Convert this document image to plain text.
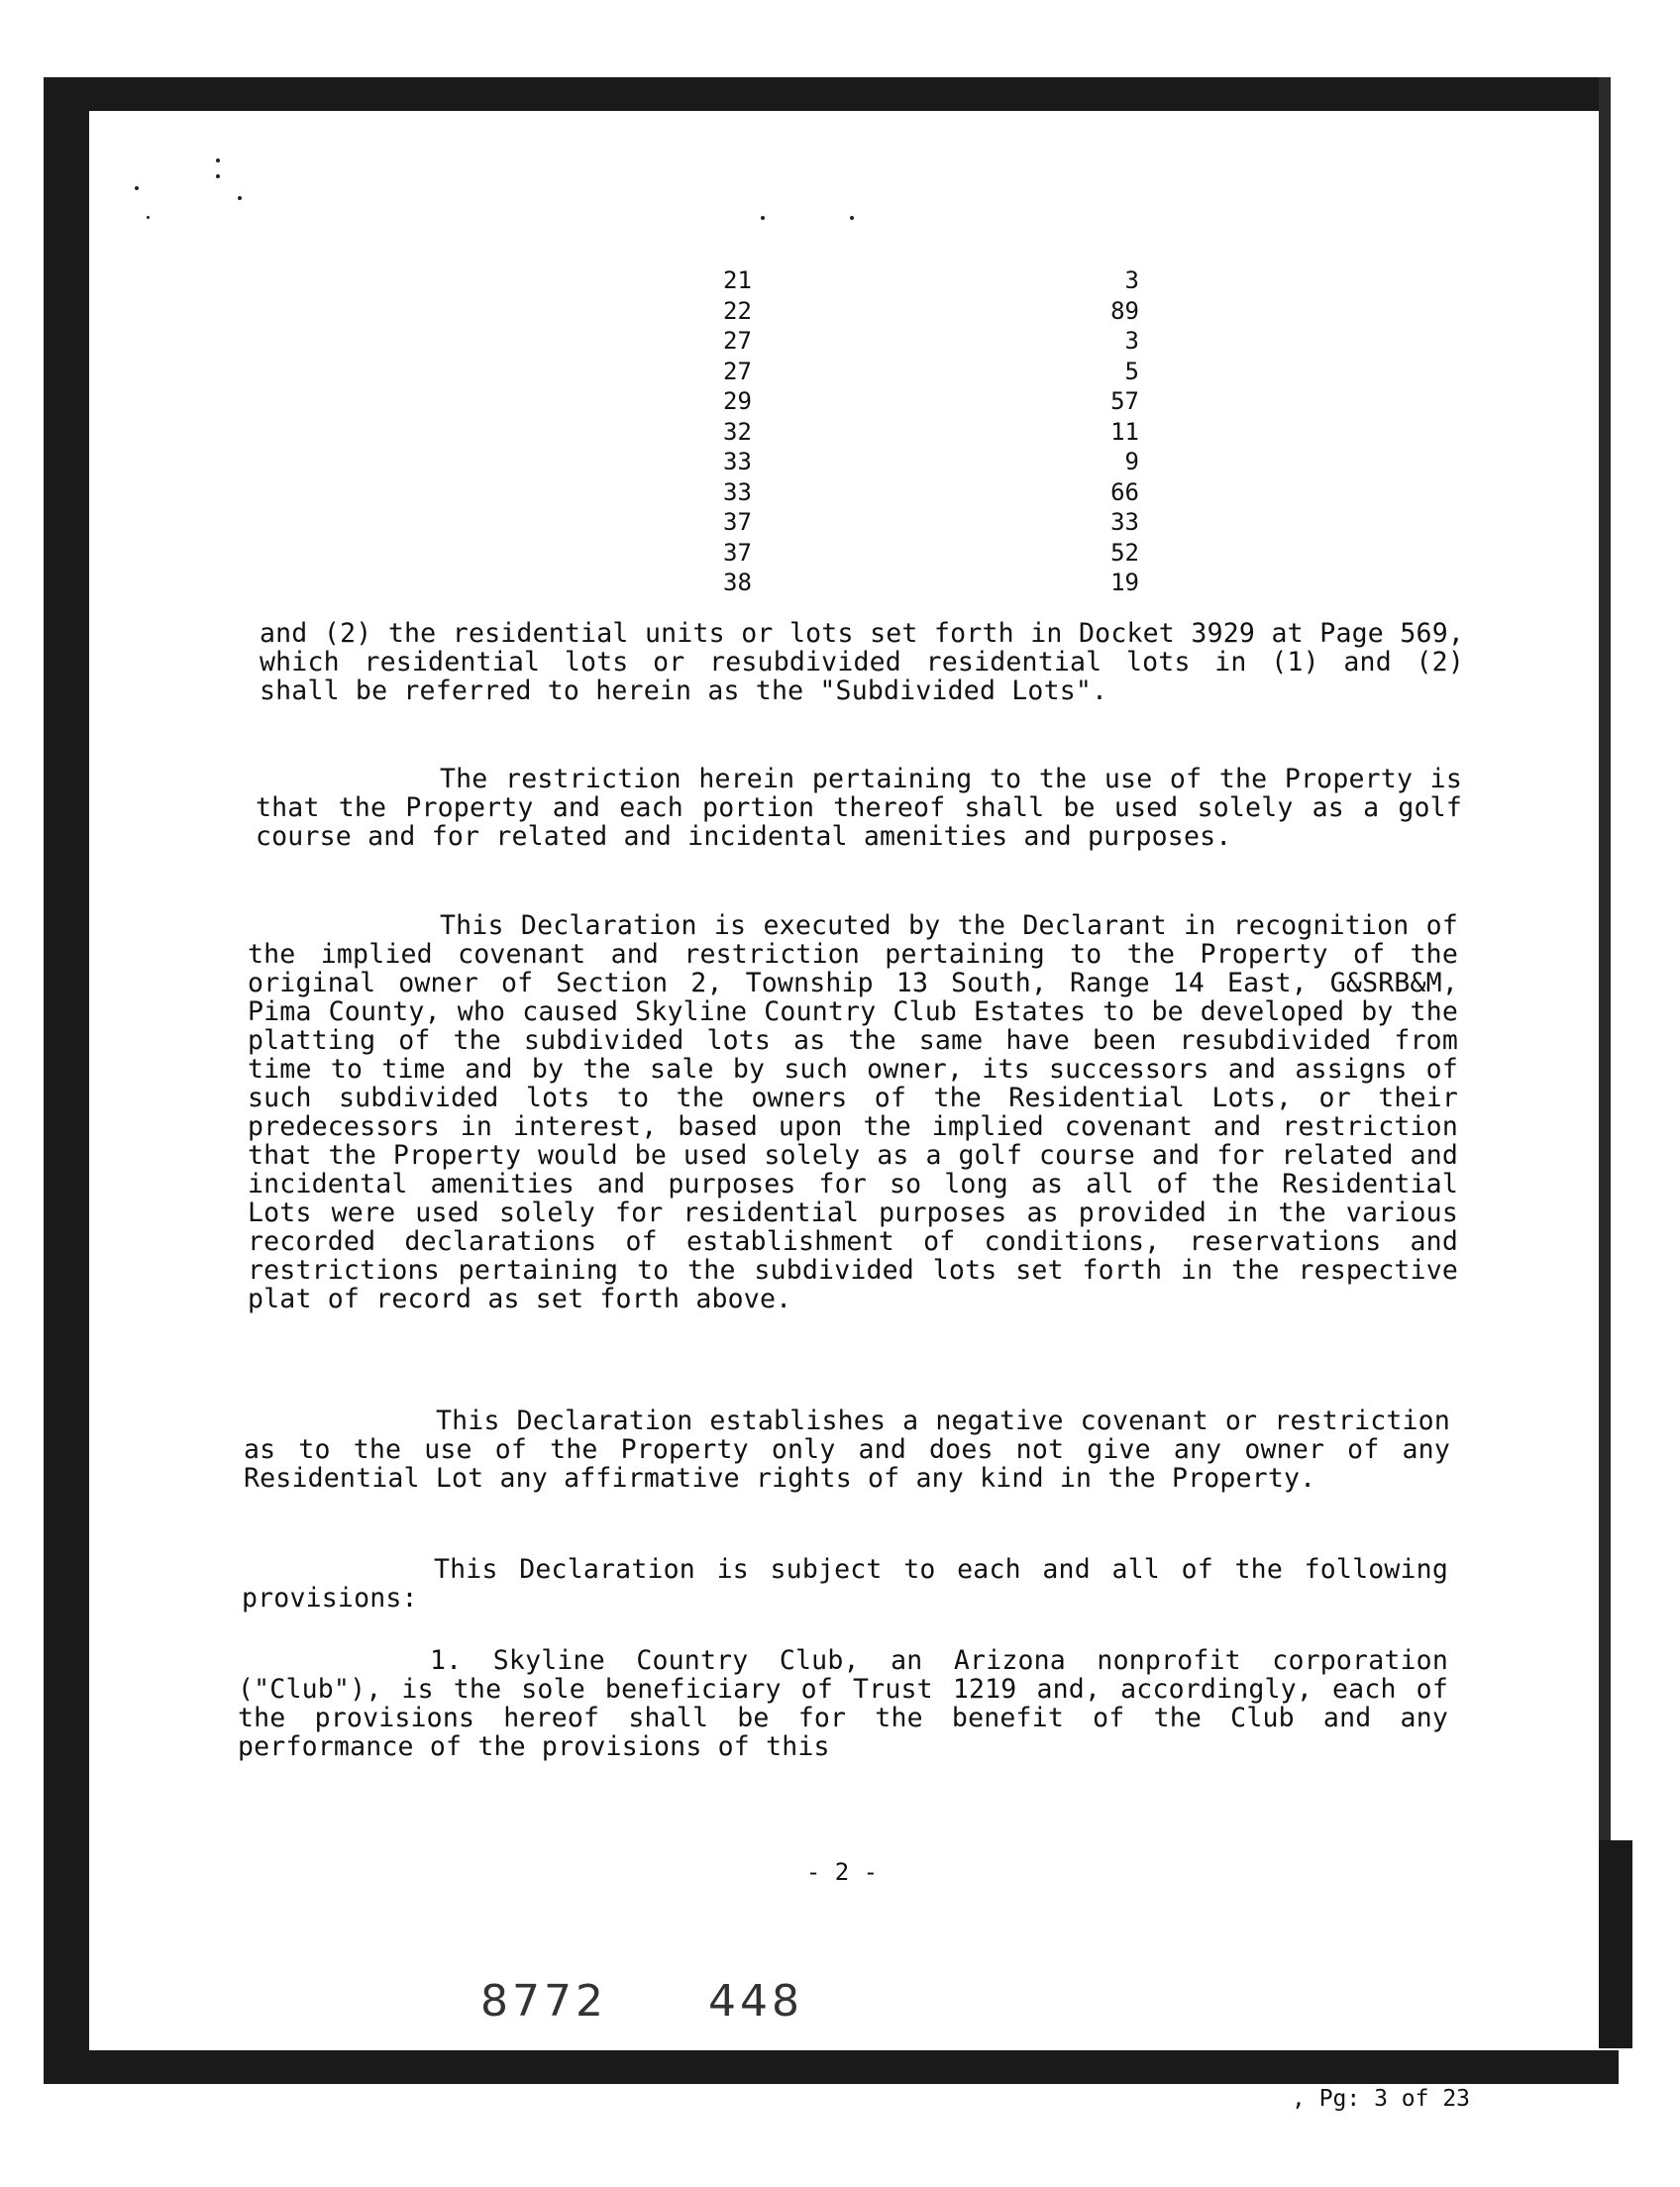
21	3
22	89
27	3
27	5
29	57
32	11
33	9
33	66
37	33
37	52
38	19

and (2) the residential units or lots set forth in Docket 3929 at Page 569, which residential lots or resubdivided residential lots in (1) and (2) shall be referred to herein as the "Subdivided Lots".

The restriction herein pertaining to the use of the Property is that the Property and each portion thereof shall be used solely as a golf course and for related and incidental amenities and purposes.

This Declaration is executed by the Declarant in recognition of the implied covenant and restriction pertaining to the Property of the original owner of Section 2, Township 13 South, Range 14 East, G&SRB&M, Pima County, who caused Skyline Country Club Estates to be developed by the platting of the subdivided lots as the same have been resubdivided from time to time and by the sale by such owner, its successors and assigns of such subdivided lots to the owners of the Residential Lots, or their predecessors in interest, based upon the implied covenant and restriction that the Property would be used solely as a golf course and for related and incidental amenities and purposes for so long as all of the Residential Lots were used solely for residential purposes as provided in the various recorded declarations of establishment of conditions, reservations and restrictions pertaining to the subdivided lots set forth in the respective plat of record as set forth above.

This Declaration establishes a negative covenant or restriction as to the use of the Property only and does not give any owner of any Residential Lot any affirmative rights of any kind in the Property.

This Declaration is subject to each and all of the following provisions:

1. Skyline Country Club, an Arizona nonprofit corporation ("Club"), is the sole beneficiary of Trust 1219 and, accordingly, each of the provisions hereof shall be for the benefit of the Club and any performance of the provisions of this

- 2 -
8772 448
, Pg: 3 of 23
